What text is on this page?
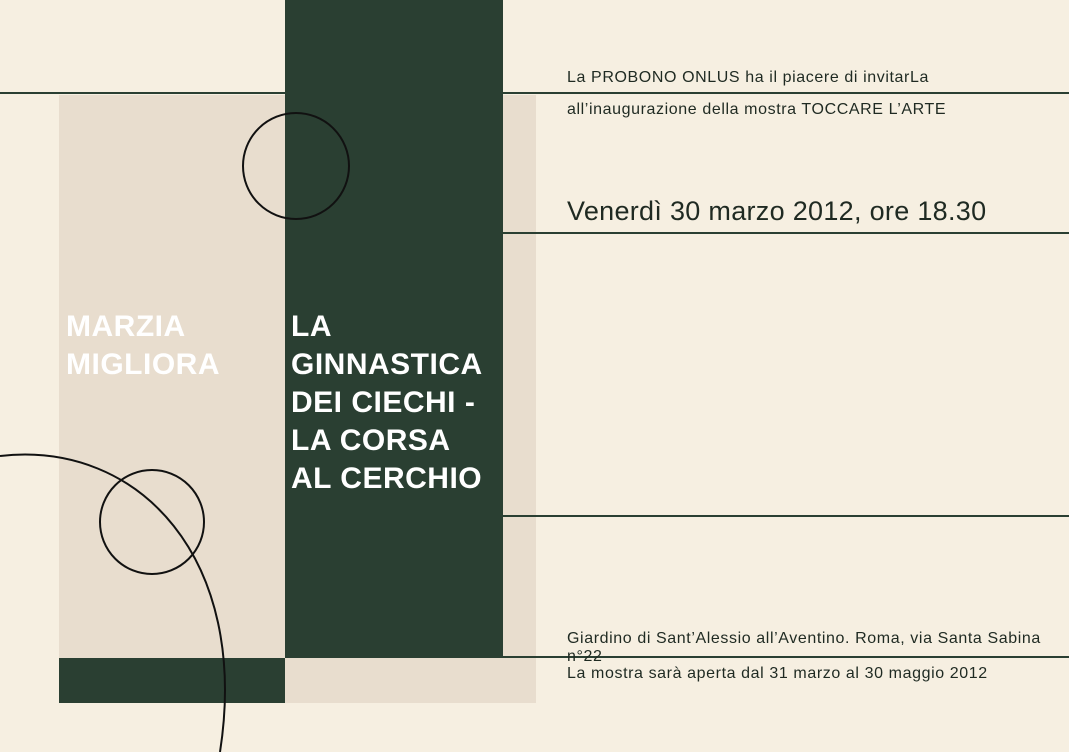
MARZIA
MIGLIORA
LA
GINNASTICA
DEI CIECHI -
LA CORSA
AL CERCHIO
La PROBONO ONLUS ha il piacere di invitarLa
all’inaugurazione della mostra TOCCARE L’ARTE
Venerdì 30 marzo 2012, ore 18.30
Giardino di Sant’Alessio all’Aventino. Roma, via Santa Sabina n°22
La mostra sarà aperta dal 31 marzo al 30 maggio 2012
